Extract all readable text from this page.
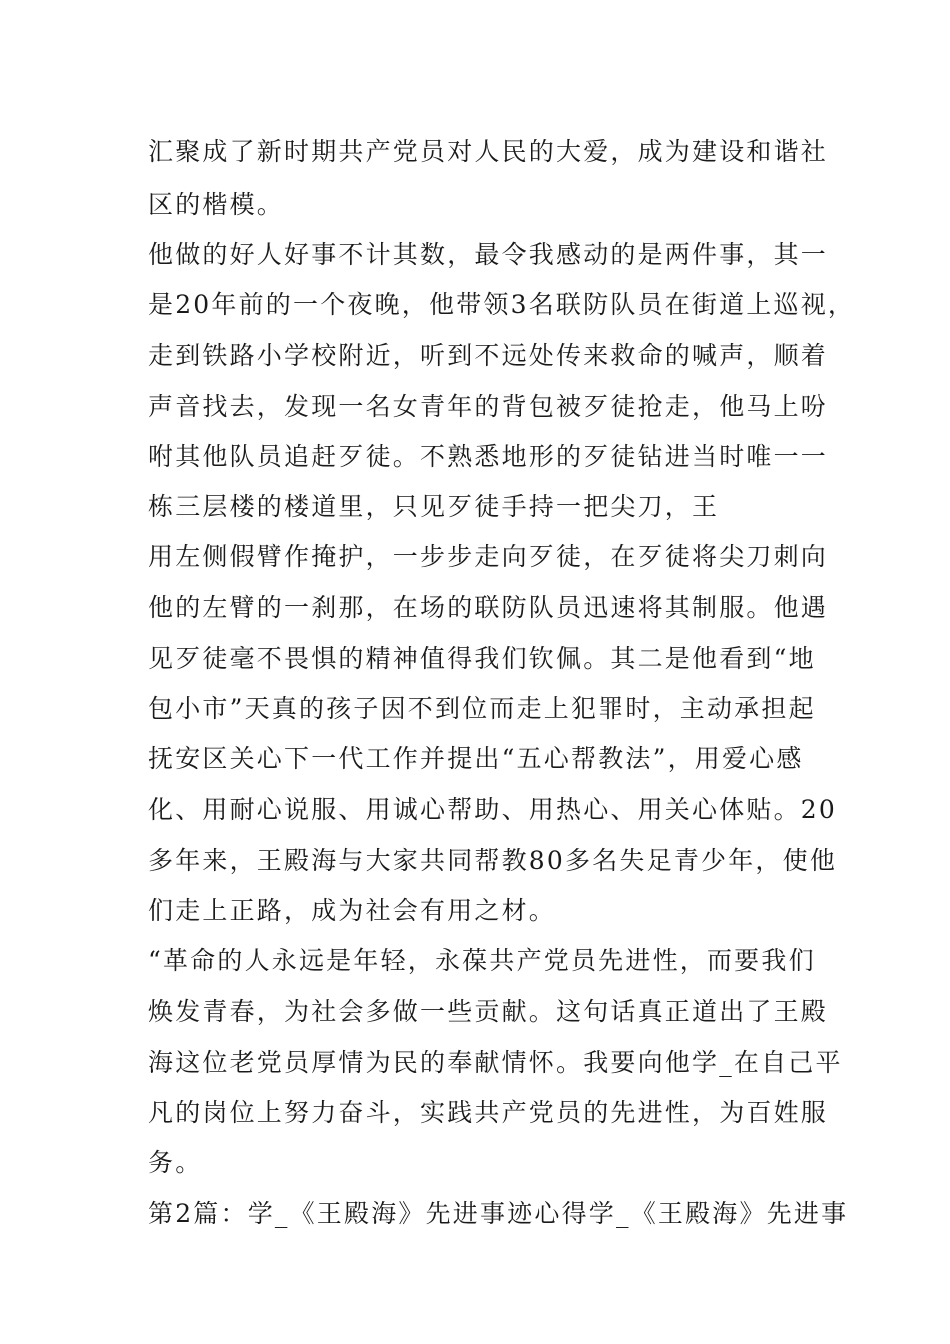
汇聚成了新时期共产党员对人民的大爱，成为建设和谐社
区的楷模。
他做的好人好事不计其数，最令我感动的是两件事，其一
是20年前的一个夜晚，他带领3名联防队员在街道上巡视，
走到铁路小学校附近，听到不远处传来救命的喊声，顺着
声音找去，发现一名女青年的背包被歹徒抢走，他马上吩
咐其他队员追赶歹徒。不熟悉地形的歹徒钻进当时唯一一
栋三层楼的楼道里，只见歹徒手持一把尖刀，王
用左侧假臂作掩护，一步步走向歹徒，在歹徒将尖刀刺向
他的左臂的一刹那，在场的联防队员迅速将其制服。他遇
见歹徒毫不畏惧的精神值得我们钦佩。其二是他看到“地
包小市”天真的孩子因不到位而走上犯罪时，主动承担起
抚安区关心下一代工作并提出“五心帮教法”，用爱心感
化、用耐心说服、用诚心帮助、用热心、用关心体贴。20
多年来，王殿海与大家共同帮教80多名失足青少年，使他
们走上正路，成为社会有用之材。
“革命的人永远是年轻，永葆共产党员先进性，而要我们
焕发青春，为社会多做一些贡献。这句话真正道出了王殿
海这位老党员厚情为民的奉献情怀。我要向他学_在自己平
凡的岗位上努力奋斗，实践共产党员的先进性，为百姓服
务。
第2篇：学_《王殿海》先进事迹心得学_《王殿海》先进事
